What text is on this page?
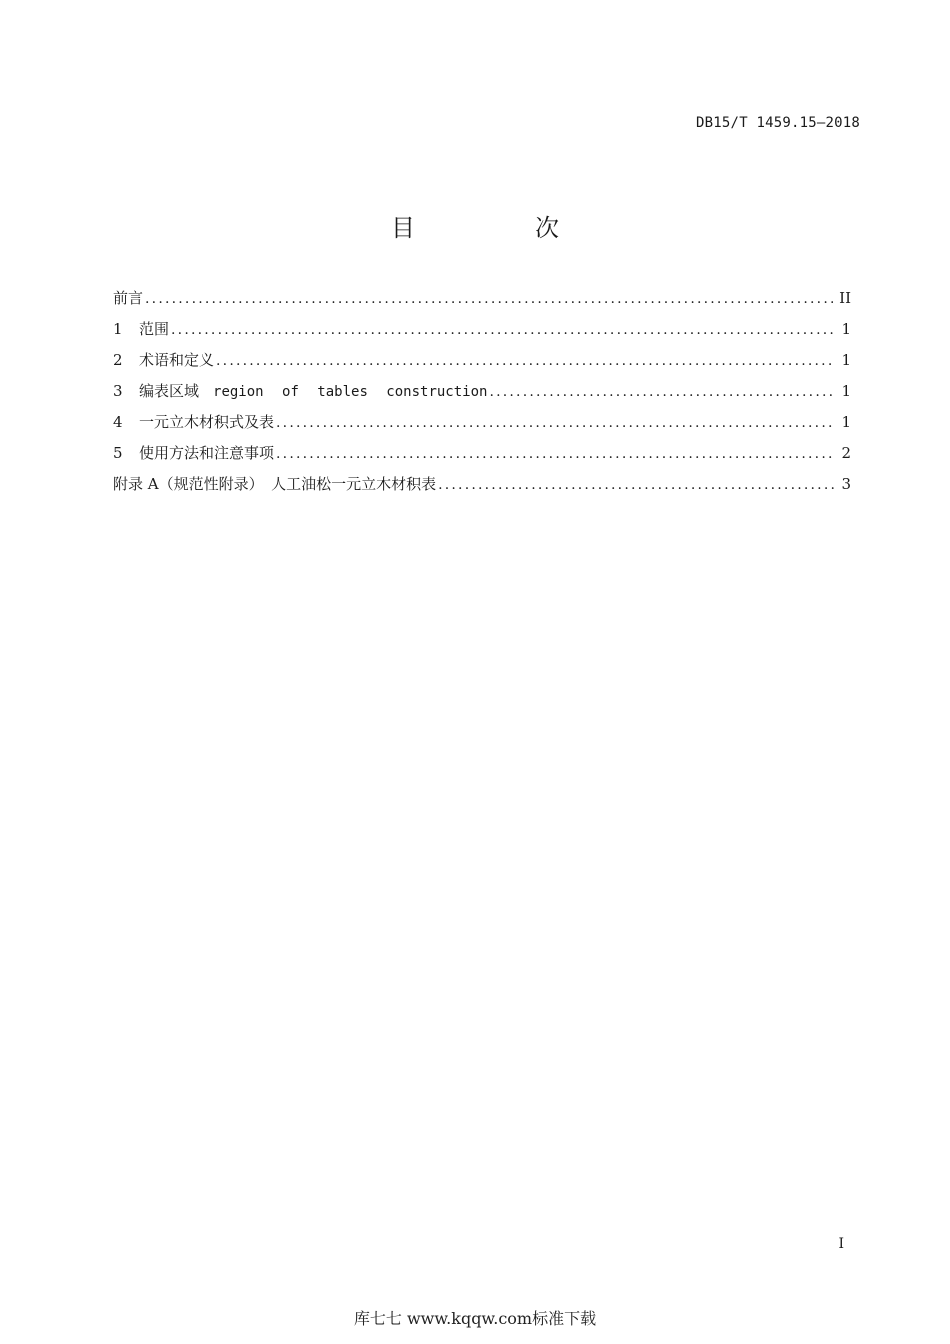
DB15/T 1459.15—2018
目　次
前言 .....	II
1	范围 .....	1
2	术语和定义 .....	1
3	编表区域 region of tables construction .....	1
4	一元立木材积式及表 .....	1
5	使用方法和注意事项 .....	2
附录 A（规范性附录）　人工油松一元立木材积表 .....	3
I
库七七 www.kqqw.com标准下载
